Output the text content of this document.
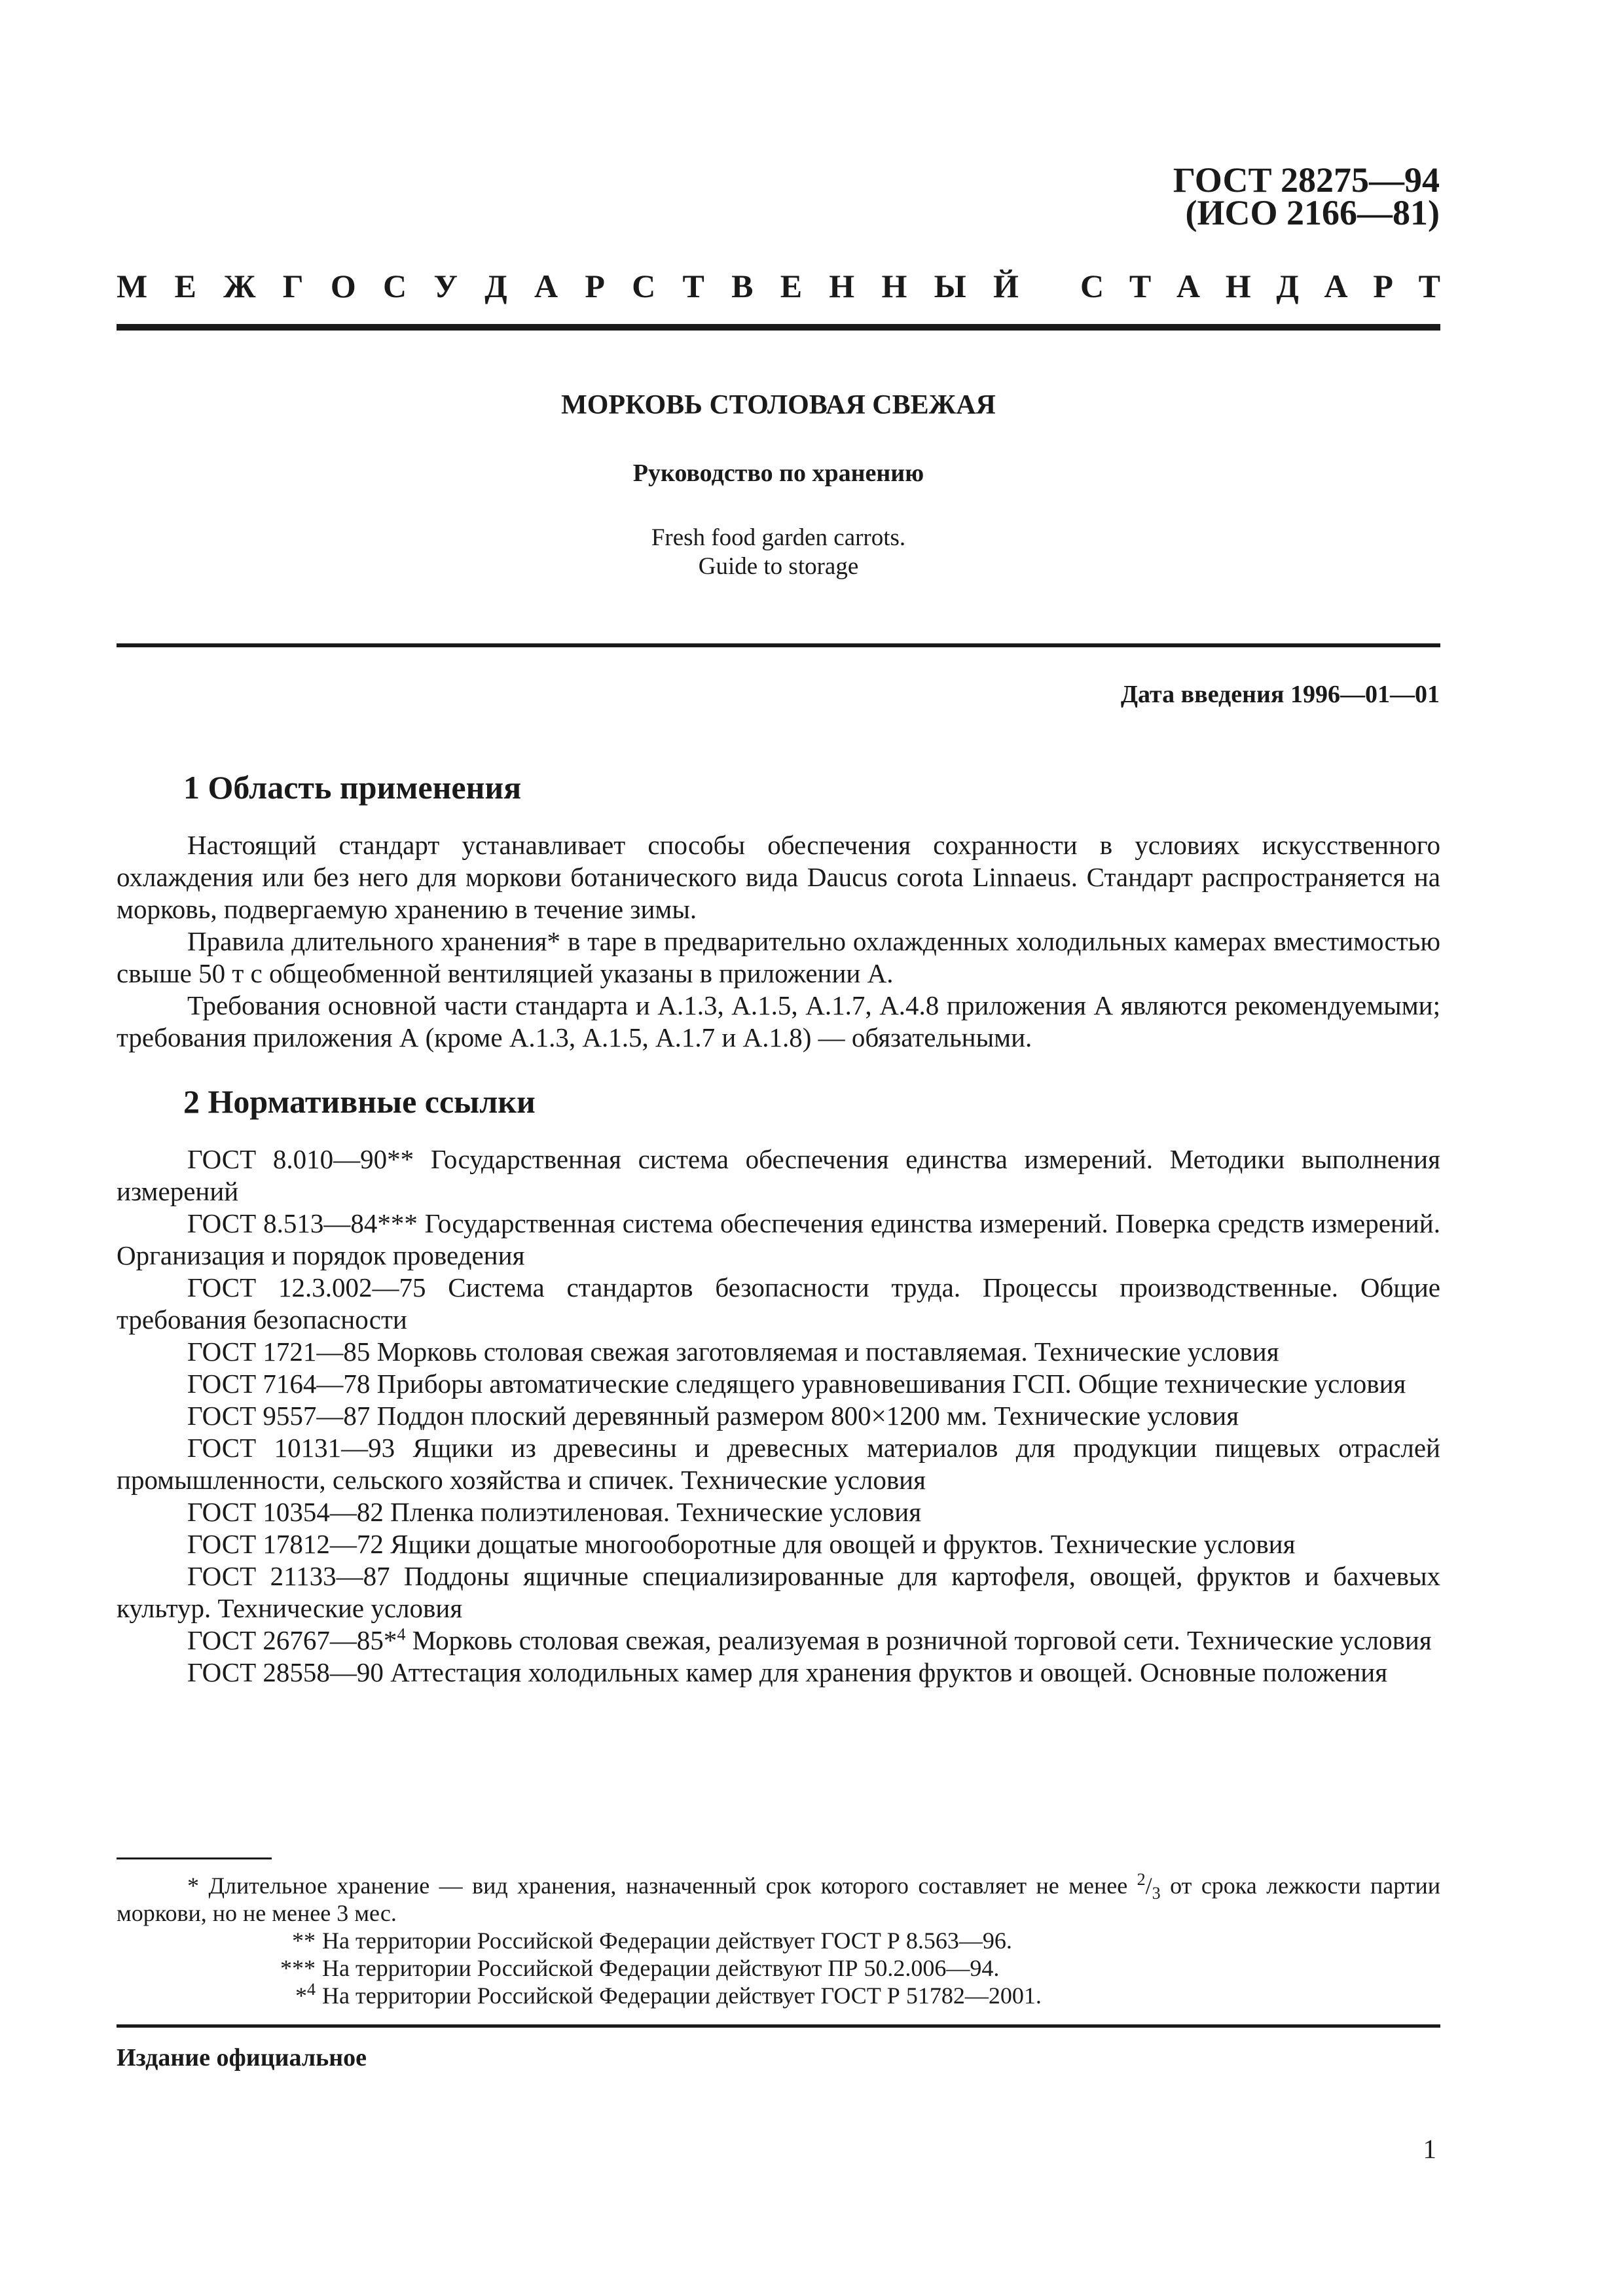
ГОСТ 28275—94
(ИСО 2166—81)
М Е Ж Г О С У Д А Р С Т В Е Н Н Ы Й С Т А Н Д А Р Т
МОРКОВЬ СТОЛОВАЯ СВЕЖАЯ
Руководство по хранению
Fresh food garden carrots.
Guide to storage
Дата введения 1996—01—01
1 Область применения

Настоящий стандарт устанавливает способы обеспечения сохранности в условиях искусственного охлаждения или без него для моркови ботанического вида Daucus corota Linnaeus. Стандарт распространяется на морковь, подвергаемую хранению в течение зимы.

Правила длительного хранения* в таре в предварительно охлажденных холодильных камерах вместимостью свыше 50 т с общеобменной вентиляцией указаны в приложении А.

Требования основной части стандарта и А.1.3, А.1.5, А.1.7, А.4.8 приложения А являются рекомендуемыми; требования приложения А (кроме А.1.3, А.1.5, А.1.7 и А.1.8) — обязательными.

2 Нормативные ссылки

ГОСТ 8.010—90** Государственная система обеспечения единства измерений. Методики выполнения измерений

ГОСТ 8.513—84*** Государственная система обеспечения единства измерений. Поверка средств измерений. Организация и порядок проведения

ГОСТ 12.3.002—75 Система стандартов безопасности труда. Процессы производственные. Общие требования безопасности

ГОСТ 1721—85 Морковь столовая свежая заготовляемая и поставляемая. Технические условия

ГОСТ 7164—78 Приборы автоматические следящего уравновешивания ГСП. Общие технические условия

ГОСТ 9557—87 Поддон плоский деревянный размером 800×1200 мм. Технические условия

ГОСТ 10131—93 Ящики из древесины и древесных материалов для продукции пищевых отраслей промышленности, сельского хозяйства и спичек. Технические условия

ГОСТ 10354—82 Пленка полиэтиленовая. Технические условия

ГОСТ 17812—72 Ящики дощатые многооборотные для овощей и фруктов. Технические условия

ГОСТ 21133—87 Поддоны ящичные специализированные для картофеля, овощей, фруктов и бахчевых культур. Технические условия

ГОСТ 26767—85*$^4$ Морковь столовая свежая, реализуемая в розничной торговой сети. Технические условия

ГОСТ 28558—90 Аттестация холодильных камер для хранения фруктов и овощей. Основные положения

* Длительное хранение — вид хранения, назначенный срок которого составляет не менее $^2/_3$ от срока лежкости партии моркови, но не менее 3 мес.

** На территории Российской Федерации действует ГОСТ Р 8.563—96.
*** На территории Российской Федерации действуют ПР 50.2.006—94.
*$^4$ На территории Российской Федерации действует ГОСТ Р 51782—2001.
Издание официальное
1
